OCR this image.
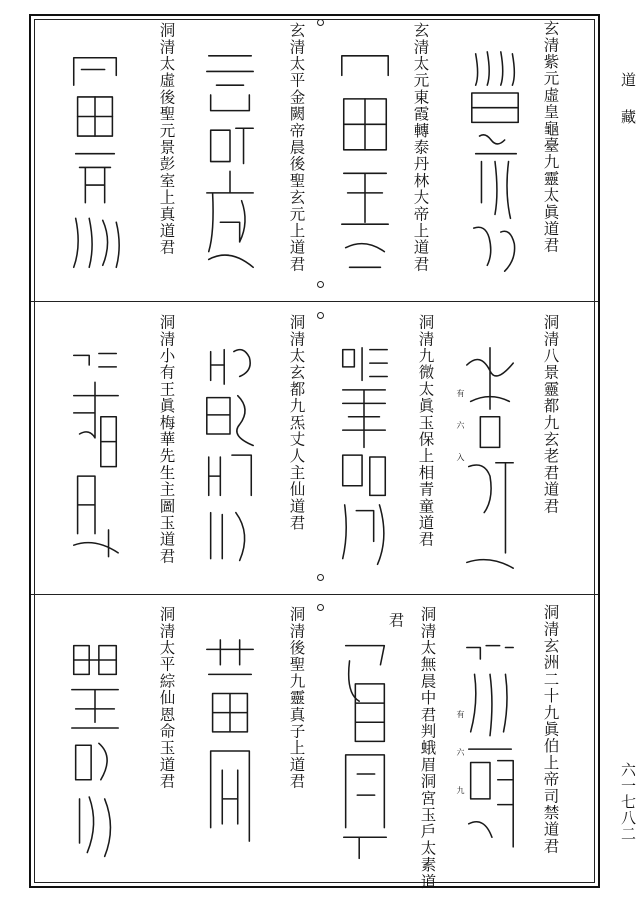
道藏
六一七八二
玄清紫元虛皇龜臺九靈太眞道君
玄清太元東霞轉泰丹林大帝上道君
玄清太平金闕帝晨後聖玄元上道君
洞清太虛後聖元景彭室上真道君
洞清八景靈都九玄老君道君
洞清九微太眞玉保上相青童道君	有六入
洞清太玄都九炁丈人主仙道君
洞清小有王眞梅華先生主圖玉道君
洞清玄洲二十九眞伯上帝司禁道君
洞清太無晨中君判蛾眉洞宮玉戶太素道
君
有六九
洞清後聖九靈真子上道君
洞清太平綜仙恩命玉道君
